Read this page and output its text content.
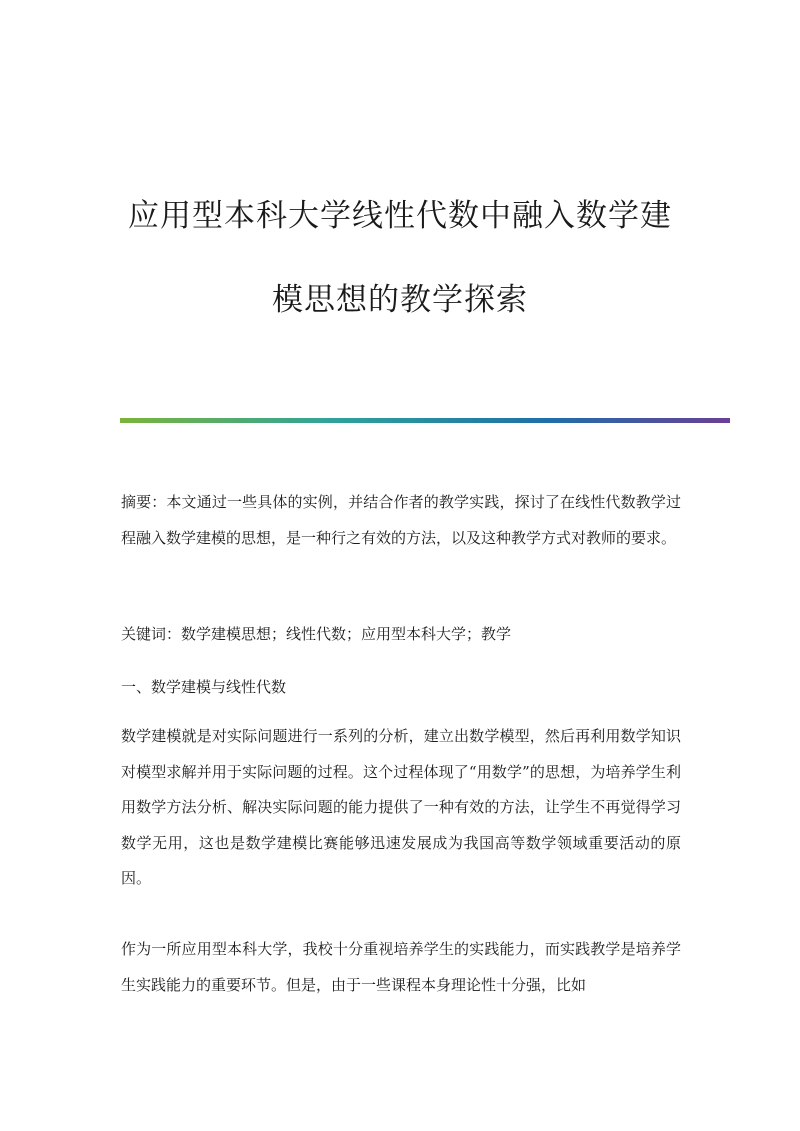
应用型本科大学线性代数中融入数学建
模思想的教学探索

摘要：本文通过一些具体的实例，并结合作者的教学实践，探讨了在线性代数教学过程融入数学建模的思想，是一种行之有效的方法，以及这种教学方式对教师的要求。

关键词：数学建模思想；线性代数；应用型本科大学；教学

一、数学建模与线性代数

数学建模就是对实际问题进行一系列的分析，建立出数学模型，然后再利用数学知识对模型求解并用于实际问题的过程。这个过程体现了“用数学”的思想，为培养学生利用数学方法分析、解决实际问题的能力提供了一种有效的方法，让学生不再觉得学习数学无用，这也是数学建模比赛能够迅速发展成为我国高等数学领域重要活动的原因。

作为一所应用型本科大学，我校十分重视培养学生的实践能力，而实践教学是培养学生实践能力的重要环节。但是，由于一些课程本身理论性十分强，比如
